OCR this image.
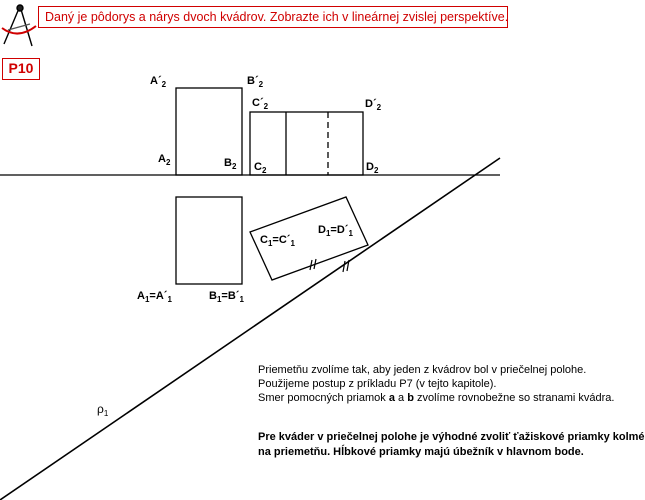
$A´_2$	$B´_2$
$C´_2$	$D´_2$
$A_2$	$B_2$ $C_2$	$D_2$
$A_1=A´_1$	$B_1=B´_1$
$C_1=C´_1$
$D_1=D´_1$
$\rho_1$
Daný je pôdorys a nárys dvoch kvádrov. Zobrazte ich v lineárnej zvislej perspektíve.
P10
Priemetňu zvolíme tak, aby jeden z kvádrov bol v priečelnej polohe.
Použijeme postup z príkladu P7 (v tejto kapitole).
Smer pomocných priamok a a b zvolíme rovnobežne so stranami kvádra.
Pre kváder v priečelnej polohe je výhodné zvoliť ťažiskové priamky kolmé
na priemetňu. Hĺbkové priamky majú úbežník v hlavnom bode.
